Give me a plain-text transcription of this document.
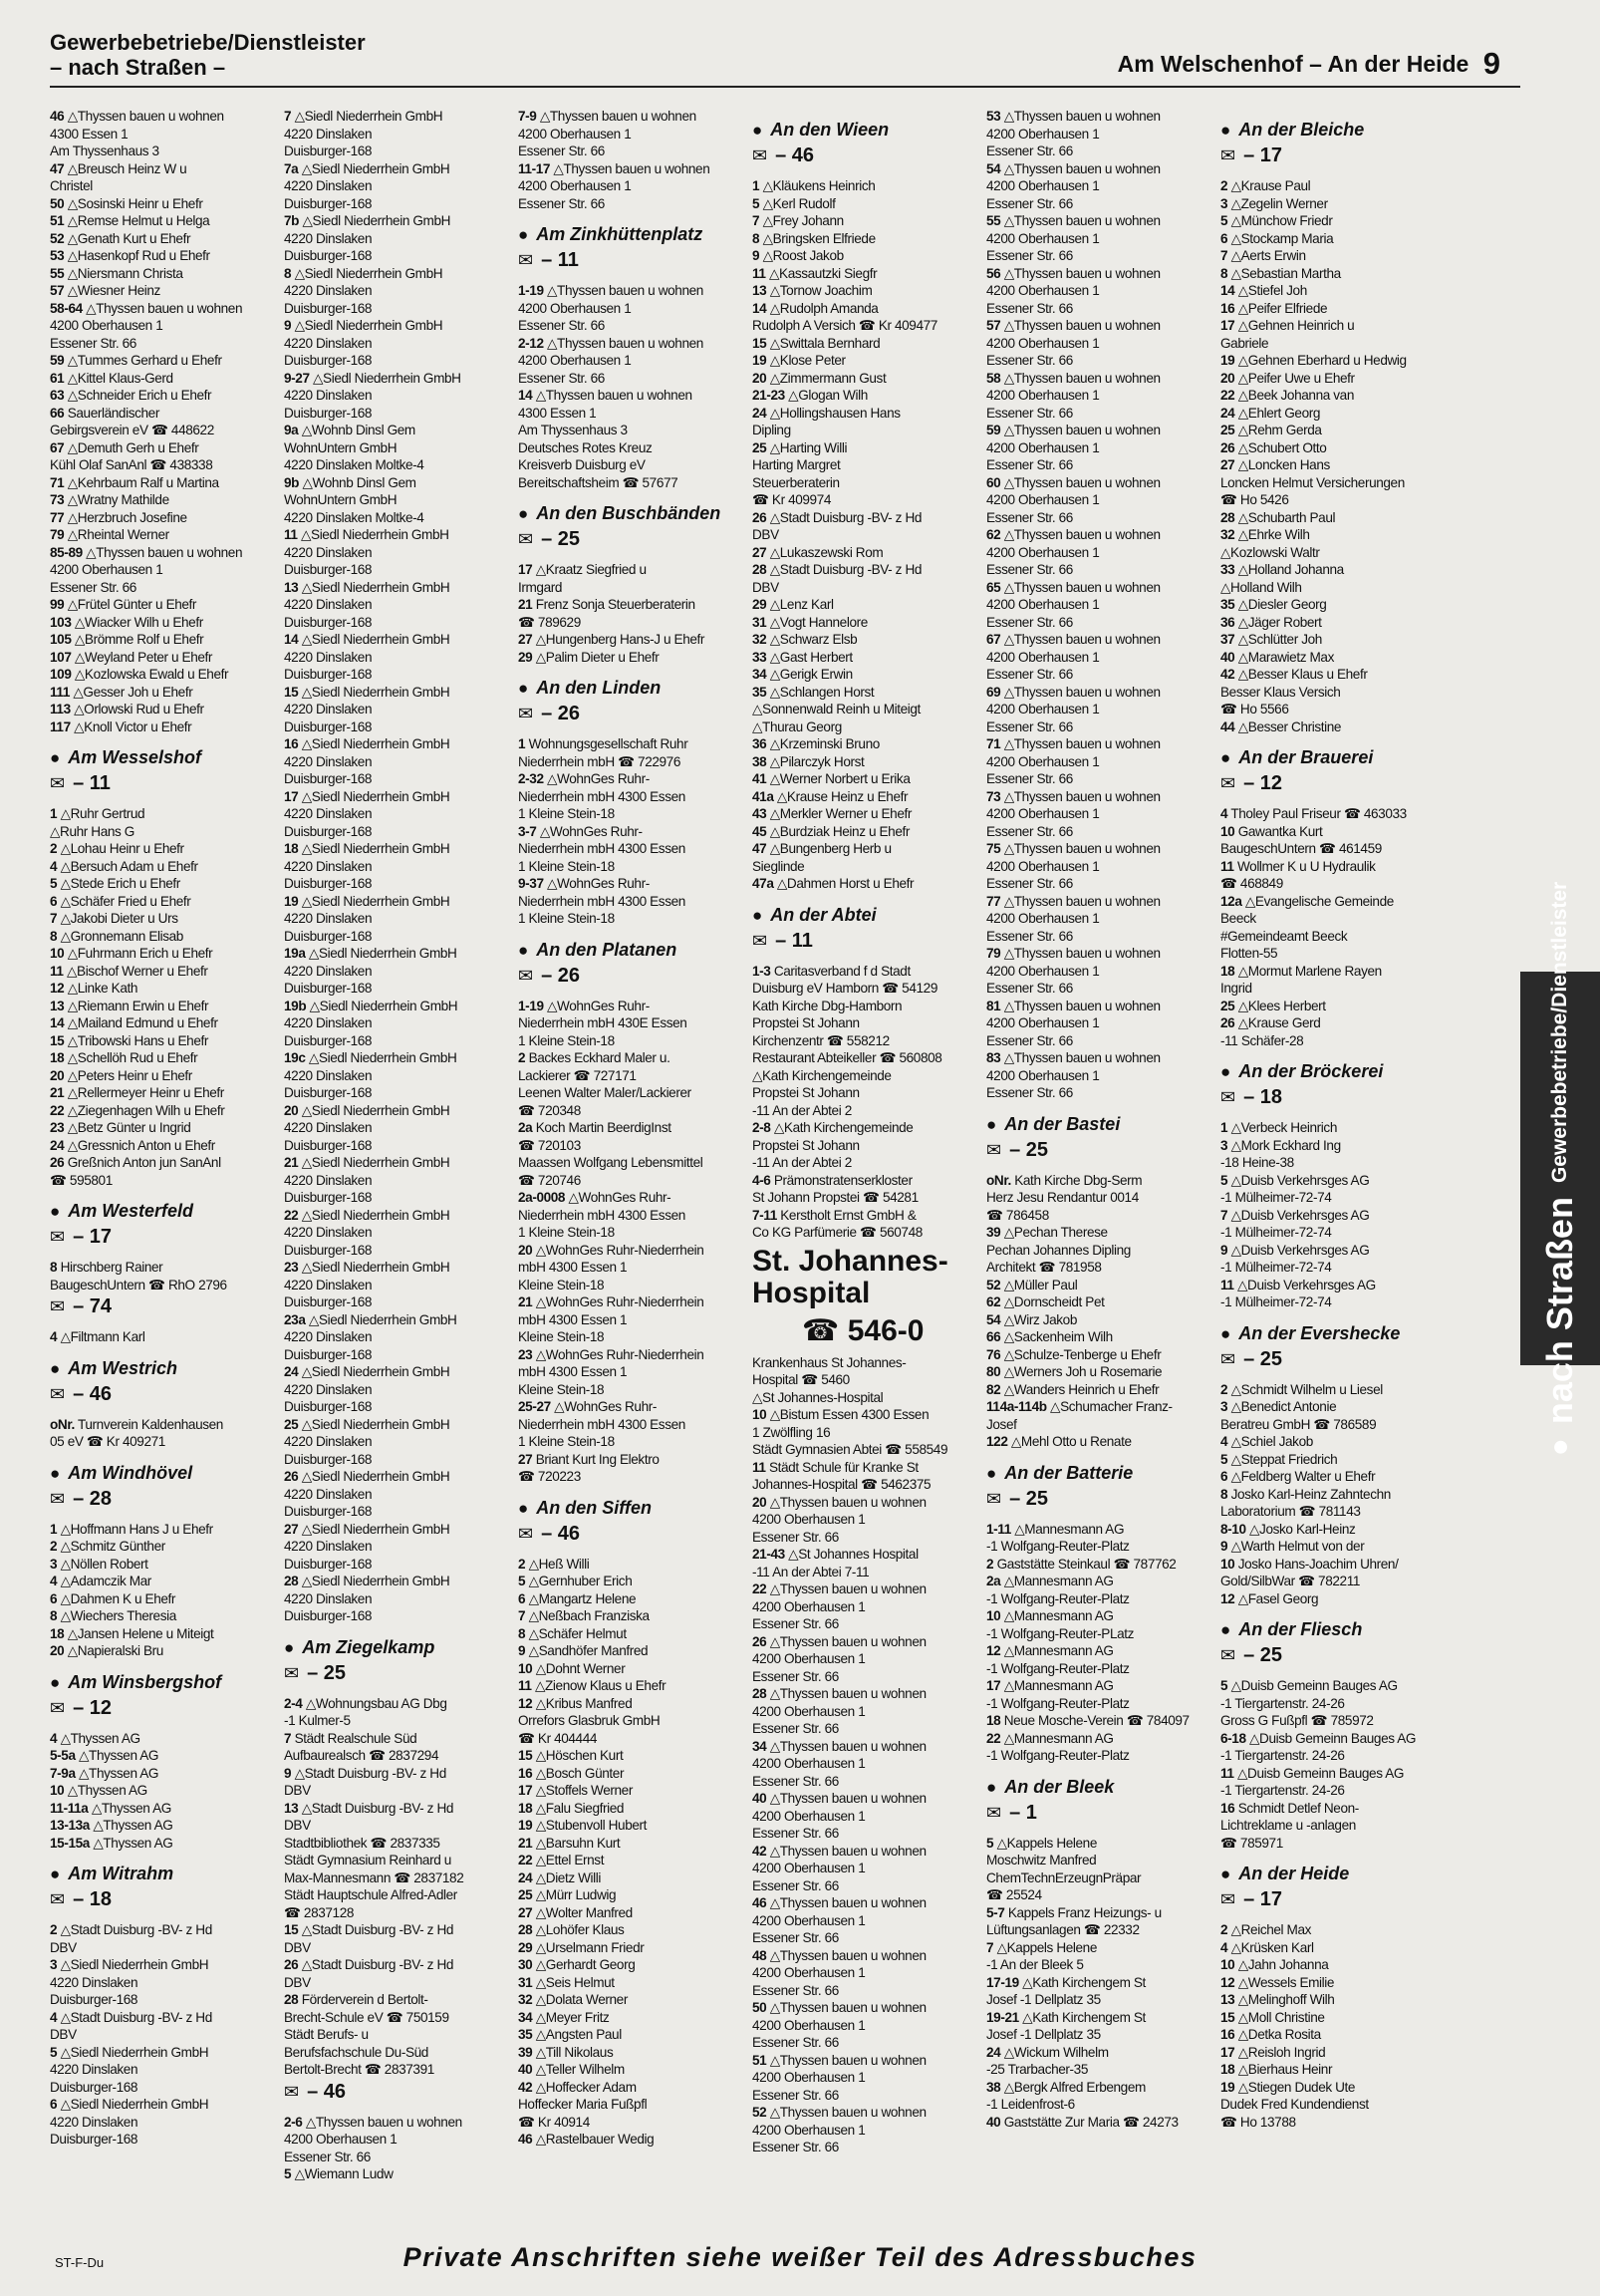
Gewerbebetriebe/Dienstleister
– nach Straßen –	Am Welschenhof – An der Heide 9
46 △Thyssen bauen u wohnen
4300 Essen 1
Am Thyssenhaus 3
47 △Breusch Heinz W u
Christel
50 △Sosinski Heinr u Ehefr
51 △Remse Helmut u Helga
52 △Genath Kurt u Ehefr
53 △Hasenkopf Rud u Ehefr
55 △Niersmann Christa
57 △Wiesner Heinz
58-64 △Thyssen bauen u wohnen
4200 Oberhausen 1
Essener Str. 66
59 △Tummes Gerhard u Ehefr
61 △Kittel Klaus-Gerd
63 △Schneider Erich u Ehefr
66 Sauerländischer
Gebirgsverein eV ☎ 448622
67 △Demuth Gerh u Ehefr
Kühl Olaf SanAnl ☎ 438338
71 △Kehrbaum Ralf u Martina
73 △Wratny Mathilde
77 △Herzbruch Josefine
79 △Rheintal Werner
85-89 △Thyssen bauen u wohnen
4200 Oberhausen 1
Essener Str. 66
99 △Frütel Günter u Ehefr
103 △Wiacker Wilh u Ehefr
105 △Brömme Rolf u Ehefr
107 △Weyland Peter u Ehefr
109 △Kozlowska Ewald u Ehefr
111 △Gesser Joh u Ehefr
113 △Orlowski Rud u Ehefr
117 △Knoll Victor u Ehefr
● Am Wesselshof
✉ – 11
1 △Ruhr Gertrud
△Ruhr Hans G
2 △Lohau Heinr u Ehefr
4 △Bersuch Adam u Ehefr
5 △Stede Erich u Ehefr
6 △Schäfer Fried u Ehefr
7 △Jakobi Dieter u Urs
8 △Gronnemann Elisab
10 △Fuhrmann Erich u Ehefr
11 △Bischof Werner u Ehefr
12 △Linke Kath
13 △Riemann Erwin u Ehefr
14 △Mailand Edmund u Ehefr
15 △Tribowski Hans u Ehefr
18 △Schellöh Rud u Ehefr
20 △Peters Heinr u Ehefr
21 △Rellermeyer Heinr u Ehefr
22 △Ziegenhagen Wilh u Ehefr
23 △Betz Günter u Ingrid
24 △Gressnich Anton u Ehefr
26 Greßnich Anton jun SanAnl
☎ 595801
● Am Westerfeld
✉ – 17
8 Hirschberg Rainer
BaugeschUntern ☎ RhO 2796
✉ – 74
4 △Filtmann Karl
● Am Westrich
✉ – 46
oNr. Turnverein Kaldenhausen
05 eV ☎ Kr 409271
● Am Windhövel
✉ – 28
1 △Hoffmann Hans J u Ehefr
2 △Schmitz Günther
3 △Nöllen Robert
4 △Adamczik Mar
6 △Dahmen K u Ehefr
8 △Wiechers Theresia
18 △Jansen Helene u Miteigt
20 △Napieralski Bru
● Am Winsbergshof
✉ – 12
4 △Thyssen AG
5-5a △Thyssen AG
7-9a △Thyssen AG
10 △Thyssen AG
11-11a △Thyssen AG
13-13a △Thyssen AG
15-15a △Thyssen AG
● Am Witrahm
✉ – 18
2 △Stadt Duisburg -BV- z Hd
DBV
3 △Siedl Niederrhein GmbH
4220 Dinslaken
Duisburger-168
4 △Stadt Duisburg -BV- z Hd
DBV
5 △Siedl Niederrhein GmbH
4220 Dinslaken
Duisburger-168
6 △Siedl Niederrhein GmbH
4220 Dinslaken
Duisburger-168
7 △Siedl Niederrhein GmbH
4220 Dinslaken
Duisburger-168
7a △Siedl Niederrhein GmbH
4220 Dinslaken
Duisburger-168
7b △Siedl Niederrhein GmbH
4220 Dinslaken
Duisburger-168
8 △Siedl Niederrhein GmbH
4220 Dinslaken
Duisburger-168
9 △Siedl Niederrhein GmbH
4220 Dinslaken
Duisburger-168
9-27 △Siedl Niederrhein GmbH
4220 Dinslaken
Duisburger-168
9a △Wohnb Dinsl Gem
WohnUntern GmbH
4220 Dinslaken Moltke-4
9b △Wohnb Dinsl Gem
WohnUntern GmbH
4220 Dinslaken Moltke-4
11 △Siedl Niederrhein GmbH
4220 Dinslaken
Duisburger-168
13 △Siedl Niederrhein GmbH
4220 Dinslaken
Duisburger-168
14 △Siedl Niederrhein GmbH
4220 Dinslaken
Duisburger-168
15 △Siedl Niederrhein GmbH
4220 Dinslaken
Duisburger-168
16 △Siedl Niederrhein GmbH
4220 Dinslaken
Duisburger-168
17 △Siedl Niederrhein GmbH
4220 Dinslaken
Duisburger-168
18 △Siedl Niederrhein GmbH
4220 Dinslaken
Duisburger-168
19 △Siedl Niederrhein GmbH
4220 Dinslaken
Duisburger-168
19a △Siedl Niederrhein GmbH
4220 Dinslaken
Duisburger-168
19b △Siedl Niederrhein GmbH
4220 Dinslaken
Duisburger-168
19c △Siedl Niederrhein GmbH
4220 Dinslaken
Duisburger-168
20 △Siedl Niederrhein GmbH
4220 Dinslaken
Duisburger-168
21 △Siedl Niederrhein GmbH
4220 Dinslaken
Duisburger-168
22 △Siedl Niederrhein GmbH
4220 Dinslaken
Duisburger-168
23 △Siedl Niederrhein GmbH
4220 Dinslaken
Duisburger-168
23a △Siedl Niederrhein GmbH
4220 Dinslaken
Duisburger-168
24 △Siedl Niederrhein GmbH
4220 Dinslaken
Duisburger-168
25 △Siedl Niederrhein GmbH
4220 Dinslaken
Duisburger-168
26 △Siedl Niederrhein GmbH
4220 Dinslaken
Duisburger-168
27 △Siedl Niederrhein GmbH
4220 Dinslaken
Duisburger-168
28 △Siedl Niederrhein GmbH
4220 Dinslaken
Duisburger-168
● Am Ziegelkamp
✉ – 25
2-4 △Wohnungsbau AG Dbg
-1 Kulmer-5
7 Städt Realschule Süd
Aufbaurealsch ☎ 2837294
9 △Stadt Duisburg -BV- z Hd
DBV
13 △Stadt Duisburg -BV- z Hd
DBV
Stadtbibliothek ☎ 2837335
Städt Gymnasium Reinhard u
Max-Mannesmann ☎ 2837182
Städt Hauptschule Alfred-Adler
☎ 2837128
15 △Stadt Duisburg -BV- z Hd
DBV
26 △Stadt Duisburg -BV- z Hd
DBV
28 Förderverein d Bertolt-
Brecht-Schule eV ☎ 750159
Städt Berufs- u
Berufsfachschule Du-Süd
Bertolt-Brecht ☎ 2837391
✉ – 46
2-6 △Thyssen bauen u wohnen
4200 Oberhausen 1
Essener Str. 66
5 △Wiemann Ludw
7-9 △Thyssen bauen u wohnen
4200 Oberhausen 1
Essener Str. 66
11-17 △Thyssen bauen u wohnen
4200 Oberhausen 1
Essener Str. 66
● Am Zinkhüttenplatz
✉ – 11
1-19 △Thyssen bauen u wohnen
4200 Oberhausen 1
Essener Str. 66
2-12 △Thyssen bauen u wohnen
4200 Oberhausen 1
Essener Str. 66
14 △Thyssen bauen u wohnen
4300 Essen 1
Am Thyssenhaus 3
Deutsches Rotes Kreuz
Kreisverb Duisburg eV
Bereitschaftsheim ☎ 57677
● An den Buschbänden
✉ – 25
17 △Kraatz Siegfried u
Irmgard
21 Frenz Sonja Steuerberaterin
☎ 789629
27 △Hungenberg Hans-J u Ehefr
29 △Palim Dieter u Ehefr
● An den Linden
✉ – 26
1 Wohnungsgesellschaft Ruhr
Niederrhein mbH ☎ 722976
2-32 △WohnGes Ruhr-
Niederrhein mbH 4300 Essen
1 Kleine Stein-18
3-7 △WohnGes Ruhr-
Niederrhein mbH 4300 Essen
1 Kleine Stein-18
9-37 △WohnGes Ruhr-
Niederrhein mbH 4300 Essen
1 Kleine Stein-18
● An den Platanen
✉ – 26
1-19 △WohnGes Ruhr-
Niederrhein mbH 430E Essen
1 Kleine Stein-18
2 Backes Eckhard Maler u.
Lackierer ☎ 727171
Leenen Walter Maler/Lackierer
☎ 720348
2a Koch Martin BeerdigInst
☎ 720103
Maassen Wolfgang Lebensmittel
☎ 720746
2a-0008 △WohnGes Ruhr-
Niederrhein mbH 4300 Essen
1 Kleine Stein-18
20 △WohnGes Ruhr-Niederrhein
mbH 4300 Essen 1
Kleine Stein-18
21 △WohnGes Ruhr-Niederrhein
mbH 4300 Essen 1
Kleine Stein-18
23 △WohnGes Ruhr-Niederrhein
mbH 4300 Essen 1
Kleine Stein-18
25-27 △WohnGes Ruhr-
Niederrhein mbH 4300 Essen
1 Kleine Stein-18
27 Briant Kurt Ing Elektro
☎ 720223
● An den Siffen
✉ – 46
2 △Heß Willi
5 △Gernhuber Erich
6 △Mangartz Helene
7 △Neßbach Franziska
8 △Schäfer Helmut
9 △Sandhöfer Manfred
10 △Dohnt Werner
11 △Zienow Klaus u Ehefr
12 △Kribus Manfred
Orrefors Glasbruk GmbH
☎ Kr 404444
15 △Höschen Kurt
16 △Bosch Günter
17 △Stoffels Werner
18 △Falu Siegfried
19 △Stubenvoll Hubert
21 △Barsuhn Kurt
22 △Ettel Ernst
24 △Dietz Willi
25 △Mürr Ludwig
27 △Wolter Manfred
28 △Lohöfer Klaus
29 △Urselmann Friedr
30 △Gerhardt Georg
31 △Seis Helmut
32 △Dolata Werner
34 △Meyer Fritz
35 △Angsten Paul
39 △Till Nikolaus
40 △Teller Wilhelm
42 △Hoffecker Adam
Hoffecker Maria Fußpfl
☎ Kr 40914
46 △Rastelbauer Wedig
● An den Wieen
✉ – 46
1 △Kläukens Heinrich
5 △Kerl Rudolf
7 △Frey Johann
8 △Bringsken Elfriede
9 △Roost Jakob
11 △Kassautzki Siegfr
13 △Tornow Joachim
14 △Rudolph Amanda
Rudolph A Versich ☎ Kr 409477
15 △Swittala Bernhard
19 △Klose Peter
20 △Zimmermann Gust
21-23 △Glogan Wilh
24 △Hollingshausen Hans
Dipling
25 △Harting Willi
Harting Margret
Steuerberaterin
☎ Kr 409974
26 △Stadt Duisburg -BV- z Hd
DBV
27 △Lukaszewski Rom
28 △Stadt Duisburg -BV- z Hd
DBV
29 △Lenz Karl
31 △Vogt Hannelore
32 △Schwarz Elsb
33 △Gast Herbert
34 △Gerigk Erwin
35 △Schlangen Horst
△Sonnenwald Reinh u Miteigt
△Thurau Georg
36 △Krzeminski Bruno
38 △Pilarczyk Horst
41 △Werner Norbert u Erika
41a △Krause Heinz u Ehefr
43 △Merkler Werner u Ehefr
45 △Burdziak Heinz u Ehefr
47 △Bungenberg Herb u
Sieglinde
47a △Dahmen Horst u Ehefr
● An der Abtei
✉ – 11
1-3 Caritasverband f d Stadt
Duisburg eV Hamborn ☎ 54129
Kath Kirche Dbg-Hamborn
Propstei St Johann
Kirchenzentr ☎ 558212
Restaurant Abteikeller ☎ 560808
△Kath Kirchengemeinde
Propstei St Johann
-11 An der Abtei 2
2-8 △Kath Kirchengemeinde
Propstei St Johann
-11 An der Abtei 2
4-6 Prämonstratenserkloster
St Johann Propstei ☎ 54281
7-11 Kerstholt Ernst GmbH &
Co KG Parfümerie ☎ 560748
St. Johannes-
Hospital
☎ 546-0
Krankenhaus St Johannes-
Hospital ☎ 5460
△St Johannes-Hospital
10 △Bistum Essen 4300 Essen
1 Zwölfling 16
Städt Gymnasien Abtei ☎ 558549
11 Städt Schule für Kranke St
Johannes-Hospital ☎ 5462375
20 △Thyssen bauen u wohnen
4200 Oberhausen 1
Essener Str. 66
21-43 △St Johannes Hospital
-11 An der Abtei 7-11
22 △Thyssen bauen u wohnen
4200 Oberhausen 1
Essener Str. 66
26 △Thyssen bauen u wohnen
4200 Oberhausen 1
Essener Str. 66
28 △Thyssen bauen u wohnen
4200 Oberhausen 1
Essener Str. 66
34 △Thyssen bauen u wohnen
4200 Oberhausen 1
Essener Str. 66
40 △Thyssen bauen u wohnen
4200 Oberhausen 1
Essener Str. 66
42 △Thyssen bauen u wohnen
4200 Oberhausen 1
Essener Str. 66
46 △Thyssen bauen u wohnen
4200 Oberhausen 1
Essener Str. 66
48 △Thyssen bauen u wohnen
4200 Oberhausen 1
Essener Str. 66
50 △Thyssen bauen u wohnen
4200 Oberhausen 1
Essener Str. 66
51 △Thyssen bauen u wohnen
4200 Oberhausen 1
Essener Str. 66
52 △Thyssen bauen u wohnen
4200 Oberhausen 1
Essener Str. 66
53 △Thyssen bauen u wohnen
4200 Oberhausen 1
Essener Str. 66
54 △Thyssen bauen u wohnen
4200 Oberhausen 1
Essener Str. 66
55 △Thyssen bauen u wohnen
4200 Oberhausen 1
Essener Str. 66
56 △Thyssen bauen u wohnen
4200 Oberhausen 1
Essener Str. 66
57 △Thyssen bauen u wohnen
4200 Oberhausen 1
Essener Str. 66
58 △Thyssen bauen u wohnen
4200 Oberhausen 1
Essener Str. 66
59 △Thyssen bauen u wohnen
4200 Oberhausen 1
Essener Str. 66
60 △Thyssen bauen u wohnen
4200 Oberhausen 1
Essener Str. 66
62 △Thyssen bauen u wohnen
4200 Oberhausen 1
Essener Str. 66
65 △Thyssen bauen u wohnen
4200 Oberhausen 1
Essener Str. 66
67 △Thyssen bauen u wohnen
4200 Oberhausen 1
Essener Str. 66
69 △Thyssen bauen u wohnen
4200 Oberhausen 1
Essener Str. 66
71 △Thyssen bauen u wohnen
4200 Oberhausen 1
Essener Str. 66
73 △Thyssen bauen u wohnen
4200 Oberhausen 1
Essener Str. 66
75 △Thyssen bauen u wohnen
4200 Oberhausen 1
Essener Str. 66
77 △Thyssen bauen u wohnen
4200 Oberhausen 1
Essener Str. 66
79 △Thyssen bauen u wohnen
4200 Oberhausen 1
Essener Str. 66
81 △Thyssen bauen u wohnen
4200 Oberhausen 1
Essener Str. 66
83 △Thyssen bauen u wohnen
4200 Oberhausen 1
Essener Str. 66
● An der Bastei
✉ – 25
oNr. Kath Kirche Dbg-Serm
Herz Jesu Rendantur 0014
☎ 786458
39 △Pechan Therese
Pechan Johannes Dipling
Architekt ☎ 781958
52 △Müller Paul
62 △Dornscheidt Pet
54 △Wirz Jakob
66 △Sackenheim Wilh
76 △Schulze-Tenberge u Ehefr
80 △Werners Joh u Rosemarie
82 △Wanders Heinrich u Ehefr
114a-114b △Schumacher Franz-
Josef
122 △Mehl Otto u Renate
● An der Batterie
✉ – 25
1-11 △Mannesmann AG
-1 Wolfgang-Reuter-Platz
2 Gaststätte Steinkaul ☎ 787762
2a △Mannesmann AG
-1 Wolfgang-Reuter-Platz
10 △Mannesmann AG
-1 Wolfgang-Reuter-PLatz
12 △Mannesmann AG
-1 Wolfgang-Reuter-Platz
17 △Mannesmann AG
-1 Wolfgang-Reuter-Platz
18 Neue Mosche-Verein ☎ 784097
22 △Mannesmann AG
-1 Wolfgang-Reuter-Platz
● An der Bleek
✉ – 1
5 △Kappels Helene
Moschwitz Manfred
ChemTechnErzeugnPräpar
☎ 25524
5-7 Kappels Franz Heizungs- u
Lüftungsanlagen ☎ 22332
7 △Kappels Helene
-1 An der Bleek 5
17-19 △Kath Kirchengem St
Josef -1 Dellplatz 35
19-21 △Kath Kirchengem St
Josef -1 Dellplatz 35
24 △Wickum Wilhelm
-25 Trarbacher-35
38 △Bergk Alfred Erbengem
-1 Leidenfrost-6
40 Gaststätte Zur Maria ☎ 24273
● An der Bleiche
✉ – 17
2 △Krause Paul
3 △Zegelin Werner
5 △Münchow Friedr
6 △Stockamp Maria
7 △Aerts Erwin
8 △Sebastian Martha
14 △Stiefel Joh
16 △Peifer Elfriede
17 △Gehnen Heinrich u
Gabriele
19 △Gehnen Eberhard u Hedwig
20 △Peifer Uwe u Ehefr
22 △Beek Johanna van
24 △Ehlert Georg
25 △Rehm Gerda
26 △Schubert Otto
27 △Loncken Hans
Loncken Helmut Versicherungen
☎ Ho 5426
28 △Schubarth Paul
32 △Ehrke Wilh
△Kozlowski Waltr
33 △Holland Johanna
△Holland Wilh
35 △Diesler Georg
36 △Jäger Robert
37 △Schlütter Joh
40 △Marawietz Max
42 △Besser Klaus u Ehefr
Besser Klaus Versich
☎ Ho 5566
44 △Besser Christine
● An der Brauerei
✉ – 12
4 Tholey Paul Friseur ☎ 463033
10 Gawantka Kurt
BaugeschUntern ☎ 461459
11 Wollmer K u U Hydraulik
☎ 468849
12a △Evangelische Gemeinde
Beeck
#Gemeindeamt Beeck
Flotten-55
18 △Mormut Marlene Rayen
Ingrid
25 △Klees Herbert
26 △Krause Gerd
-11 Schäfer-28
● An der Bröckerei
✉ – 18
1 △Verbeck Heinrich
3 △Mork Eckhard Ing
-18 Heine-38
5 △Duisb Verkehrsges AG
-1 Mülheimer-72-74
7 △Duisb Verkehrsges AG
-1 Mülheimer-72-74
9 △Duisb Verkehrsges AG
-1 Mülheimer-72-74
11 △Duisb Verkehrsges AG
-1 Mülheimer-72-74
● An der Evershecke
✉ – 25
2 △Schmidt Wilhelm u Liesel
3 △Benedict Antonie
Beratreu GmbH ☎ 786589
4 △Schiel Jakob
5 △Steppat Friedrich
6 △Feldberg Walter u Ehefr
8 Josko Karl-Heinz Zahntechn
Laboratorium ☎ 781143
8-10 △Josko Karl-Heinz
9 △Warth Helmut von der
10 Josko Hans-Joachim Uhren/
Gold/SilbWar ☎ 782211
12 △Fasel Georg
● An der Fliesch
✉ – 25
5 △Duisb Gemeinn Bauges AG
-1 Tiergartenstr. 24-26
Gross G Fußpfl ☎ 785972
6-18 △Duisb Gemeinn Bauges AG
-1 Tiergartenstr. 24-26
11 △Duisb Gemeinn Bauges AG
-1 Tiergartenstr. 24-26
16 Schmidt Detlef Neon-
Lichtreklame u -anlagen
☎ 785971
● An der Heide
✉ – 17
2 △Reichel Max
4 △Krüsken Karl
10 △Jahn Johanna
12 △Wessels Emilie
13 △Melinghoff Wilh
15 △Moll Christine
16 △Detka Rosita
17 △Reisloh Ingrid
18 △Bierhaus Heinr
19 △Stiegen Dudek Ute
Dudek Fred Kundendienst
☎ Ho 13788
●
nach Straßen
Gewerbebetriebe/Dienstleister
ST-F-Du	Private Anschriften siehe weißer Teil des Adressbuches
